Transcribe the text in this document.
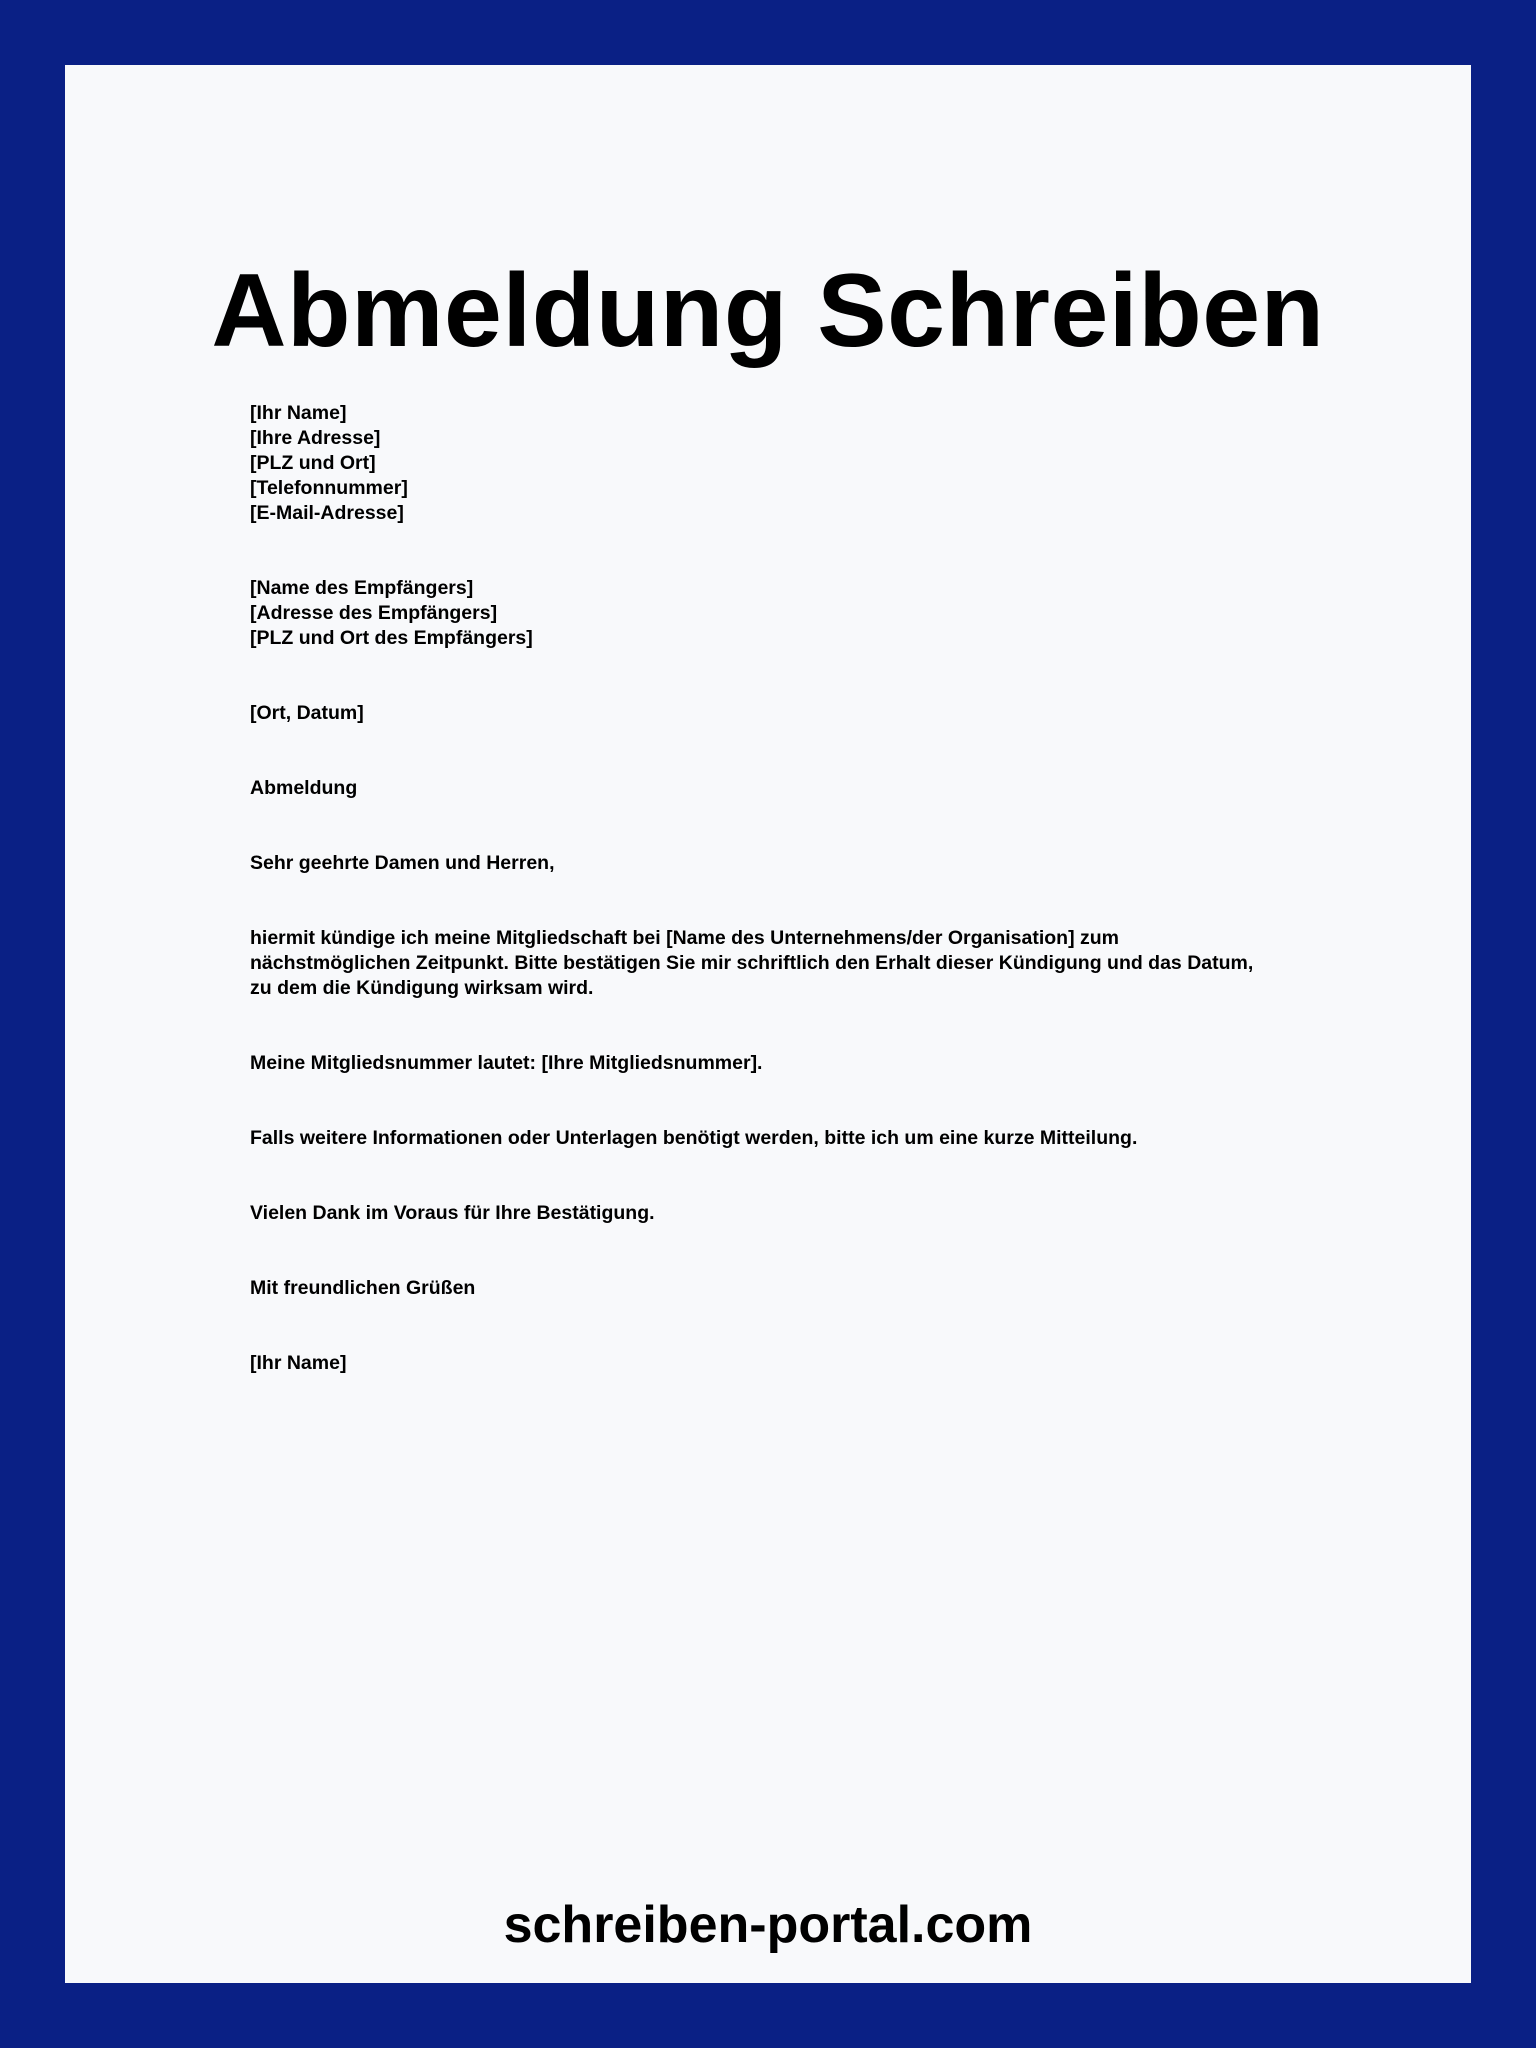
Abmeldung Schreiben
[Ihr Name]
[Ihre Adresse]
[PLZ und Ort]
[Telefonnummer]
[E-Mail-Adresse]
[Name des Empfängers]
[Adresse des Empfängers]
[PLZ und Ort des Empfängers]
[Ort, Datum]
Abmeldung
Sehr geehrte Damen und Herren,
hiermit kündige ich meine Mitgliedschaft bei [Name des Unternehmens/der Organisation] zum nächstmöglichen Zeitpunkt. Bitte bestätigen Sie mir schriftlich den Erhalt dieser Kündigung und das Datum, zu dem die Kündigung wirksam wird.
Meine Mitgliedsnummer lautet: [Ihre Mitgliedsnummer].
Falls weitere Informationen oder Unterlagen benötigt werden, bitte ich um eine kurze Mitteilung.
Vielen Dank im Voraus für Ihre Bestätigung.
Mit freundlichen Grüßen
[Ihr Name]
schreiben-portal.com
